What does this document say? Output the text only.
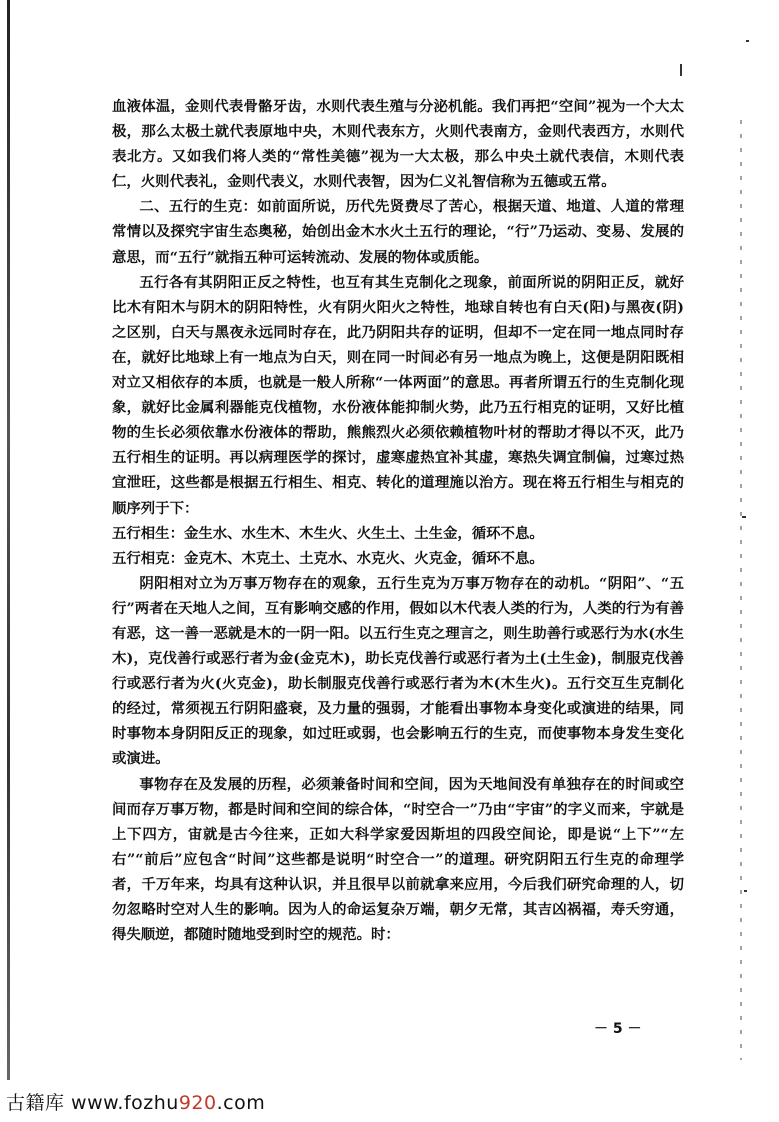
血液体温，金则代表骨骼牙齿，水则代表生殖与分泌机能。我们再把“空间”视为一个大太极，那么太极土就代表原地中央，木则代表东方，火则代表南方，金则代表西方，水则代表北方。又如我们将人类的“常性美德”视为一大太极，那么中央土就代表信，木则代表仁，火则代表礼，金则代表义，水则代表智，因为仁义礼智信称为五德或五常。

二、五行的生克：如前面所说，历代先贤费尽了苦心，根据天道、地道、人道的常理常情以及探究宇宙生态奥秘，始创出金木水火土五行的理论，“行”乃运动、变易、发展的意思，而“五行”就指五种可运转流动、发展的物体或质能。

五行各有其阴阳正反之特性，也互有其生克制化之现象，前面所说的阴阳正反，就好比木有阳木与阴木的阴阳特性，火有阴火阳火之特性，地球自转也有白天(阳)与黑夜(阴)之区别，白天与黑夜永远同时存在，此乃阴阳共存的证明，但却不一定在同一地点同时存在，就好比地球上有一地点为白天，则在同一时间必有另一地点为晚上，这便是阴阳既相对立又相依存的本质，也就是一般人所称“一体两面”的意思。再者所谓五行的生克制化现象，就好比金属利器能克伐植物，水份液体能抑制火势，此乃五行相克的证明，又好比植物的生长必须依靠水份液体的帮助，熊熊烈火必须依赖植物叶材的帮助才得以不灭，此乃五行相生的证明。再以病理医学的探讨，虚寒虚热宜补其虚，寒热失调宜制偏，过寒过热宜泄旺，这些都是根据五行相生、相克、转化的道理施以治方。现在将五行相生与相克的顺序列于下：

五行相生：金生水、水生木、木生火、火生土、土生金，循环不息。

五行相克：金克木、木克土、土克水、水克火、火克金，循环不息。

阴阳相对立为万事万物存在的观象，五行生克为万事万物存在的动机。“阴阳”、“五行”两者在天地人之间，互有影响交感的作用，假如以木代表人类的行为，人类的行为有善有恶，这一善一恶就是木的一阴一阳。以五行生克之理言之，则生助善行或恶行为水(水生木)，克伐善行或恶行者为金(金克木)，助长克伐善行或恶行者为土(土生金)，制服克伐善行或恶行者为火(火克金)，助长制服克伐善行或恶行者为木(木生火)。五行交互生克制化的经过，常须视五行阴阳盛衰，及力量的强弱，才能看出事物本身变化或演进的结果，同时事物本身阴阳反正的现象，如过旺或弱，也会影响五行的生克，而使事物本身发生变化或演进。

事物存在及发展的历程，必须兼备时间和空间，因为天地间没有单独存在的时间或空间而存万事万物，都是时间和空间的综合体，“时空合一”乃由“宇宙”的字义而来，宇就是上下四方，宙就是古今往来，正如大科学家爱因斯坦的四段空间论，即是说“上下”“左右”“前后”应包含“时间”这些都是说明“时空合一”的道理。研究阴阳五行生克的命理学者，千万年来，均具有这种认识，并且很早以前就拿来应用，今后我们研究命理的人，切勿忽略时空对人生的影响。因为人的命运复杂万端，朝夕无常，其吉凶祸福，寿夭穷通，得失顺逆，都随时随地受到时空的规范。时：

－ 5 －
古籍库 www.fozhu920.com
